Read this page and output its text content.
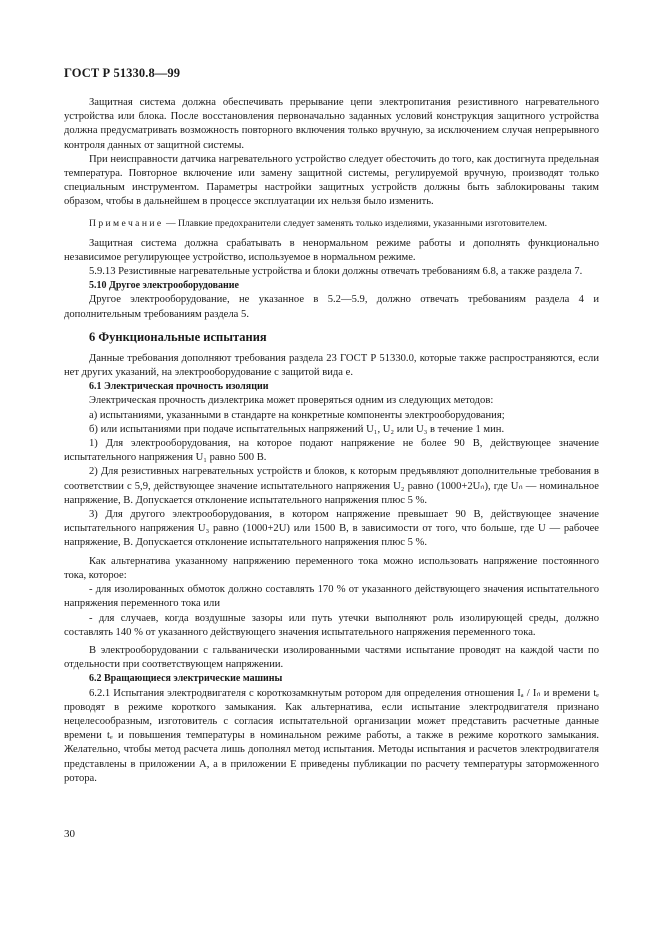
ГОСТ Р 51330.8—99

Защитная система должна обеспечивать прерывание цепи электропитания резистивного нагревательного устройства или блока. После восстановления первоначально заданных условий конструкция защитного устройства должна предусматривать возможность повторного включения только вручную, за исключением случая непрерывного контроля данных от защитной системы.

При неисправности датчика нагревательного устройство следует обесточить до того, как достигнута предельная температура. Повторное включение или замену защитной системы, регулируемой вручную, производят только специальным инструментом. Параметры настройки защитных устройств должны быть заблокированы таким образом, чтобы в дальнейшем в процессе эксплуатации их нельзя было изменить.

Примечание — Плавкие предохранители следует заменять только изделиями, указанными изготовителем.

Защитная система должна срабатывать в ненормальном режиме работы и дополнять функционально независимое регулирующее устройство, используемое в нормальном режиме.

5.9.13 Резистивные нагревательные устройства и блоки должны отвечать требованиям 6.8, а также раздела 7.

5.10 Другое электрооборудование

Другое электрооборудование, не указанное в 5.2—5.9, должно отвечать требованиям раздела 4 и дополнительным требованиям раздела 5.

6 Функциональные испытания

Данные требования дополняют требования раздела 23 ГОСТ Р 51330.0, которые также распространяются, если нет других указаний, на электрооборудование с защитой вида е.

6.1 Электрическая прочность изоляции

Электрическая прочность диэлектрика может проверяться одним из следующих методов:

а) испытаниями, указанными в стандарте на конкретные компоненты электрооборудования;

б) или испытаниями при подаче испытательных напряжений U₁, U₂ или U₃ в течение 1 мин.

1) Для электрооборудования, на которое подают напряжение не более 90 В, действующее значение испытательного напряжения U₁ равно 500 В.

2) Для резистивных нагревательных устройств и блоков, к которым предъявляют дополнительные требования в соответствии с 5,9, действующее значение испытательного напряжения U₂ равно (1000+2Uₙ), где Uₙ — номинальное напряжение, В. Допускается отклонение испытательного напряжения плюс 5 %.

3) Для другого электрооборудования, в котором напряжение превышает 90 В, действующее значение испытательного напряжения U₃ равно (1000+2U) или 1500 В, в зависимости от того, что больше, где U — рабочее напряжение, В. Допускается отклонение испытательного напряжения плюс 5 %.

Как альтернатива указанному напряжению переменного тока можно использовать напряжение постоянного тока, которое:

- для изолированных обмоток должно составлять 170 % от указанного действующего значения испытательного напряжения переменного тока или

- для случаев, когда воздушные зазоры или путь утечки выполняют роль изолирующей среды, должно составлять 140 % от указанного действующего значения испытательного напряжения переменного тока.

В электрооборудовании с гальванически изолированными частями испытание проводят на каждой части по отдельности при соответствующем напряжении.

6.2 Вращающиеся электрические машины

6.2.1 Испытания электродвигателя с короткозамкнутым ротором для определения отношения Iₐ / Iₙ и времени tₑ проводят в режиме короткого замыкания. Как альтернатива, если испытание электродвигателя признано нецелесообразным, изготовитель с согласия испытательной организации может представить расчетные данные времени tₑ и повышения температуры в номинальном режиме работы, а также в режиме короткого замыкания. Желательно, чтобы метод расчета лишь дополнял метод испытания. Методы испытания и расчетов электродвигателя представлены в приложении А, а в приложении Е приведены публикации по расчету температуры заторможенного ротора.

30
